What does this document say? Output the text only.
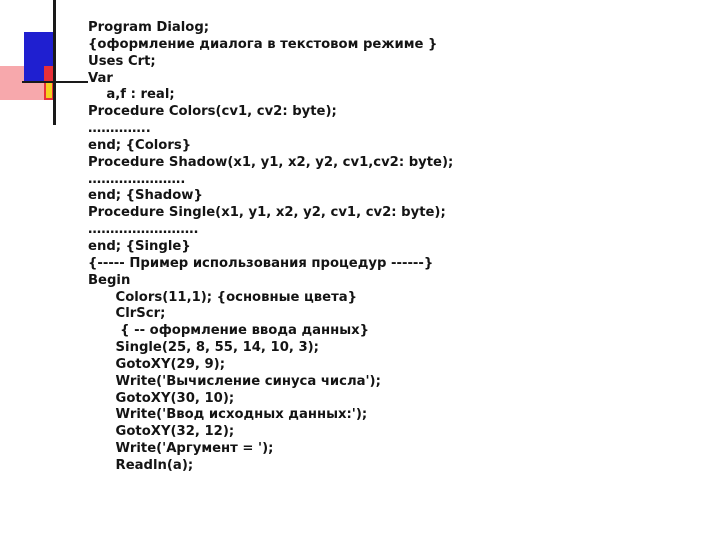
Program Dialog;
{оформление диалога в текстовом режиме }
Uses Crt;
Var
a,f : real;
Procedure Colors(cv1, cv2: byte);
…………..
end; {Colors}
Procedure Shadow(x1, y1, x2, y2, cv1,cv2: byte);
………………….
end; {Shadow}
Procedure Single(x1, y1, x2, y2, cv1, cv2: byte);
…………………….
end; {Single}
{----- Пример использования процедур ------}
Begin
Colors(11,1); {основные цвета}
ClrScr;
{ -- оформление ввода данных}
Single(25, 8, 55, 14, 10, 3);
GotoXY(29, 9);
Write('Вычисление синуса числа');
GotoXY(30, 10);
Write('Ввод исходных данных:');
GotoXY(32, 12);
Write('Аргумент = ');
Readln(a);
